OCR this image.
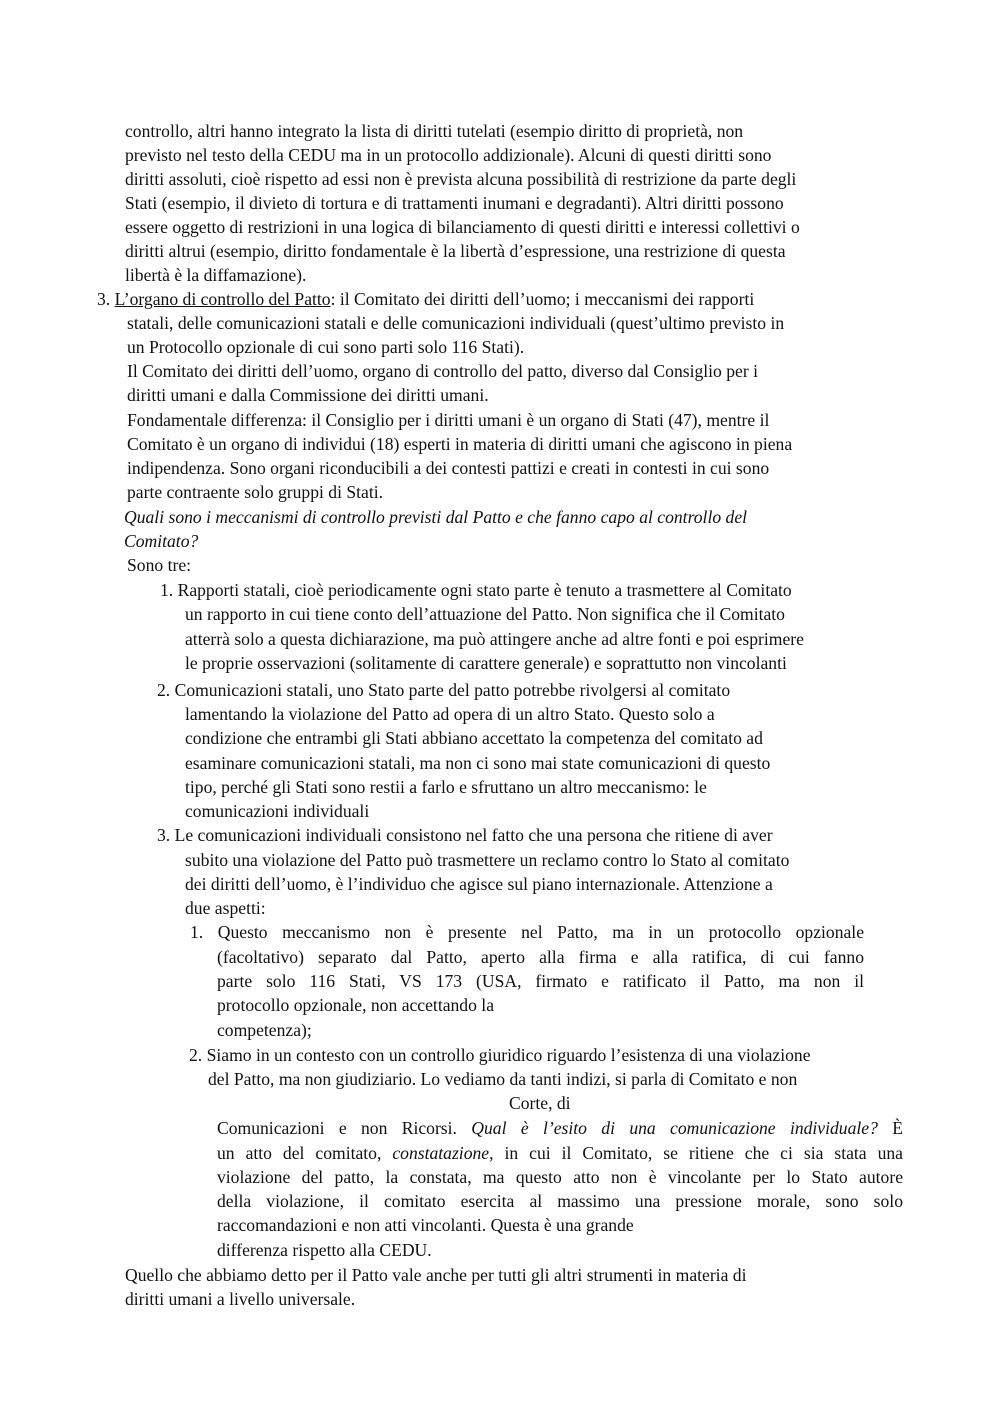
controllo, altri hanno integrato la lista di diritti tutelati (esempio diritto di proprietà, non

previsto nel testo della CEDU ma in un protocollo addizionale). Alcuni di questi diritti sono

diritti assoluti, cioè rispetto ad essi non è prevista alcuna possibilità di restrizione da parte degli

Stati (esempio, il divieto di tortura e di trattamenti inumani e degradanti). Altri diritti possono

essere oggetto di restrizioni in una logica di bilanciamento di questi diritti e interessi collettivi o

diritti altrui (esempio, diritto fondamentale è la libertà d’espressione, una restrizione di questa

libertà è la diffamazione).

3. L’organo di controllo del Patto: il Comitato dei diritti dell’uomo; i meccanismi dei rapporti

statali, delle comunicazioni statali e delle comunicazioni individuali (quest’ultimo previsto in

un Protocollo opzionale di cui sono parti solo 116 Stati).

Il Comitato dei diritti dell’uomo, organo di controllo del patto, diverso dal Consiglio per i

diritti umani e dalla Commissione dei diritti umani.

Fondamentale differenza: il Consiglio per i diritti umani è un organo di Stati (47), mentre il

Comitato è un organo di individui (18) esperti in materia di diritti umani che agiscono in piena

indipendenza. Sono organi riconducibili a dei contesti pattizi e creati in contesti in cui sono

parte contraente solo gruppi di Stati.

Quali sono i meccanismi di controllo previsti dal Patto e che fanno capo al controllo del

Comitato?

Sono tre:

1. Rapporti statali, cioè periodicamente ogni stato parte è tenuto a trasmettere al Comitato

un rapporto in cui tiene conto dell’attuazione del Patto. Non significa che il Comitato

atterrà solo a questa dichiarazione, ma può attingere anche ad altre fonti e poi esprimere

le proprie osservazioni (solitamente di carattere generale) e soprattutto non vincolanti

2. Comunicazioni statali, uno Stato parte del patto potrebbe rivolgersi al comitato

lamentando la violazione del Patto ad opera di un altro Stato. Questo solo a

condizione che entrambi gli Stati abbiano accettato la competenza del comitato ad

esaminare comunicazioni statali, ma non ci sono mai state comunicazioni di questo

tipo, perché gli Stati sono restii a farlo e sfruttano un altro meccanismo: le

comunicazioni individuali

3. Le comunicazioni individuali consistono nel fatto che una persona che ritiene di aver

subito una violazione del Patto può trasmettere un reclamo contro lo Stato al comitato

dei diritti dell’uomo, è l’individuo che agisce sul piano internazionale. Attenzione a

due aspetti:

1. Questo meccanismo non è presente nel Patto, ma in un protocollo opzionale

(facoltativo) separato dal Patto, aperto alla firma e alla ratifica, di cui fanno

parte solo 116 Stati, VS 173 (USA, firmato e ratificato il Patto, ma non il

protocollo opzionale, non accettando la

competenza);

2. Siamo in un contesto con un controllo giuridico riguardo l’esistenza di una violazione

del Patto, ma non giudiziario. Lo vediamo da tanti indizi, si parla di Comitato e non

Corte, di

Comunicazioni e non Ricorsi. Qual è l’esito di una comunicazione individuale? È

un atto del comitato, constatazione, in cui il Comitato, se ritiene che ci sia stata una

violazione del patto, la constata, ma questo atto non è vincolante per lo Stato autore

della violazione, il comitato esercita al massimo una pressione morale, sono solo

raccomandazioni e non atti vincolanti. Questa è una grande

differenza rispetto alla CEDU.

Quello che abbiamo detto per il Patto vale anche per tutti gli altri strumenti in materia di

diritti umani a livello universale.
